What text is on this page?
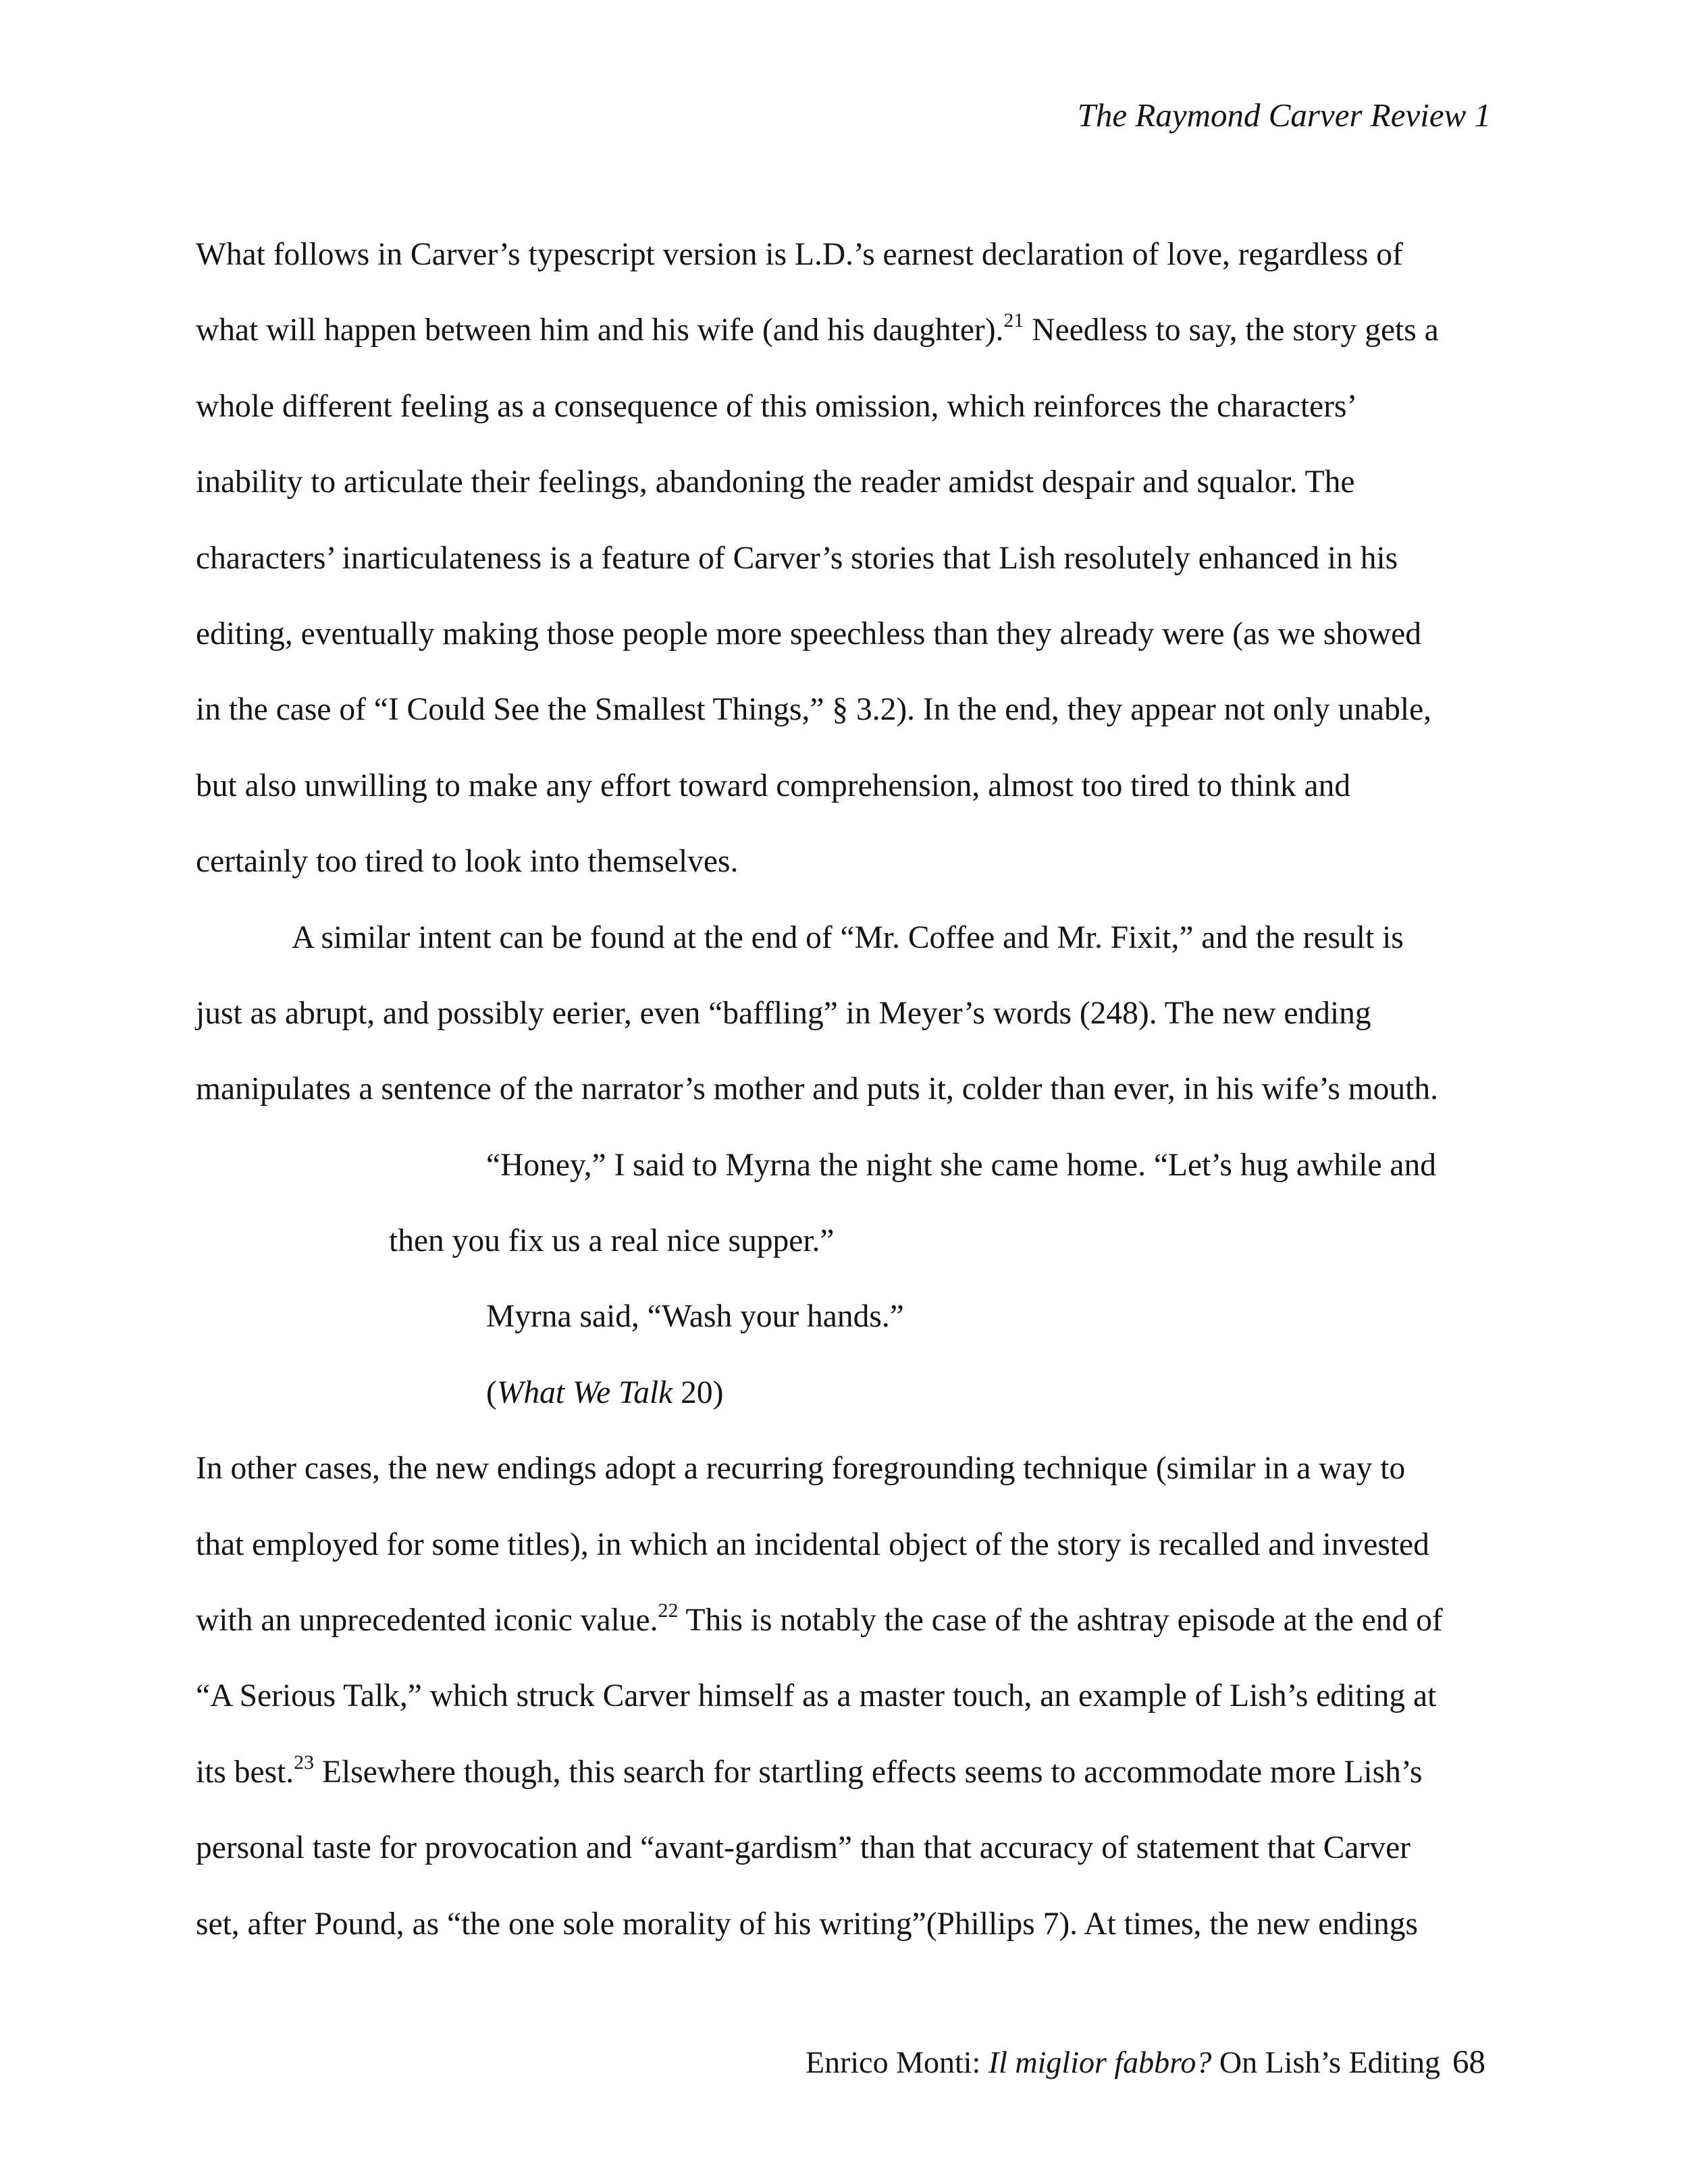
The Raymond Carver Review 1
What follows in Carver’s typescript version is L.D.’s earnest declaration of love, regardless of
what will happen between him and his wife (and his daughter).$^{21}$ Needless to say, the story gets a
whole different feeling as a consequence of this omission, which reinforces the characters’
inability to articulate their feelings, abandoning the reader amidst despair and squalor. The
characters’ inarticulateness is a feature of Carver’s stories that Lish resolutely enhanced in his
editing, eventually making those people more speechless than they already were (as we showed
in the case of “I Could See the Smallest Things,” § 3.2). In the end, they appear not only unable,
but also unwilling to make any effort toward comprehension, almost too tired to think and
certainly too tired to look into themselves.
A similar intent can be found at the end of “Mr. Coffee and Mr. Fixit,” and the result is
just as abrupt, and possibly eerier, even “baffling” in Meyer’s words (248). The new ending
manipulates a sentence of the narrator’s mother and puts it, colder than ever, in his wife’s mouth.
“Honey,” I said to Myrna the night she came home. “Let’s hug awhile and
then you fix us a real nice supper.”
Myrna said, “Wash your hands.”
(What We Talk 20)
In other cases, the new endings adopt a recurring foregrounding technique (similar in a way to
that employed for some titles), in which an incidental object of the story is recalled and invested
with an unprecedented iconic value.$^{22}$ This is notably the case of the ashtray episode at the end of
“A Serious Talk,” which struck Carver himself as a master touch, an example of Lish’s editing at
its best.$^{23}$ Elsewhere though, this search for startling effects seems to accommodate more Lish’s
personal taste for provocation and “avant-gardism” than that accuracy of statement that Carver
set, after Pound, as “the one sole morality of his writing”(Phillips 7). At times, the new endings
Enrico Monti: Il miglior fabbro? On Lish’s Editing 68
